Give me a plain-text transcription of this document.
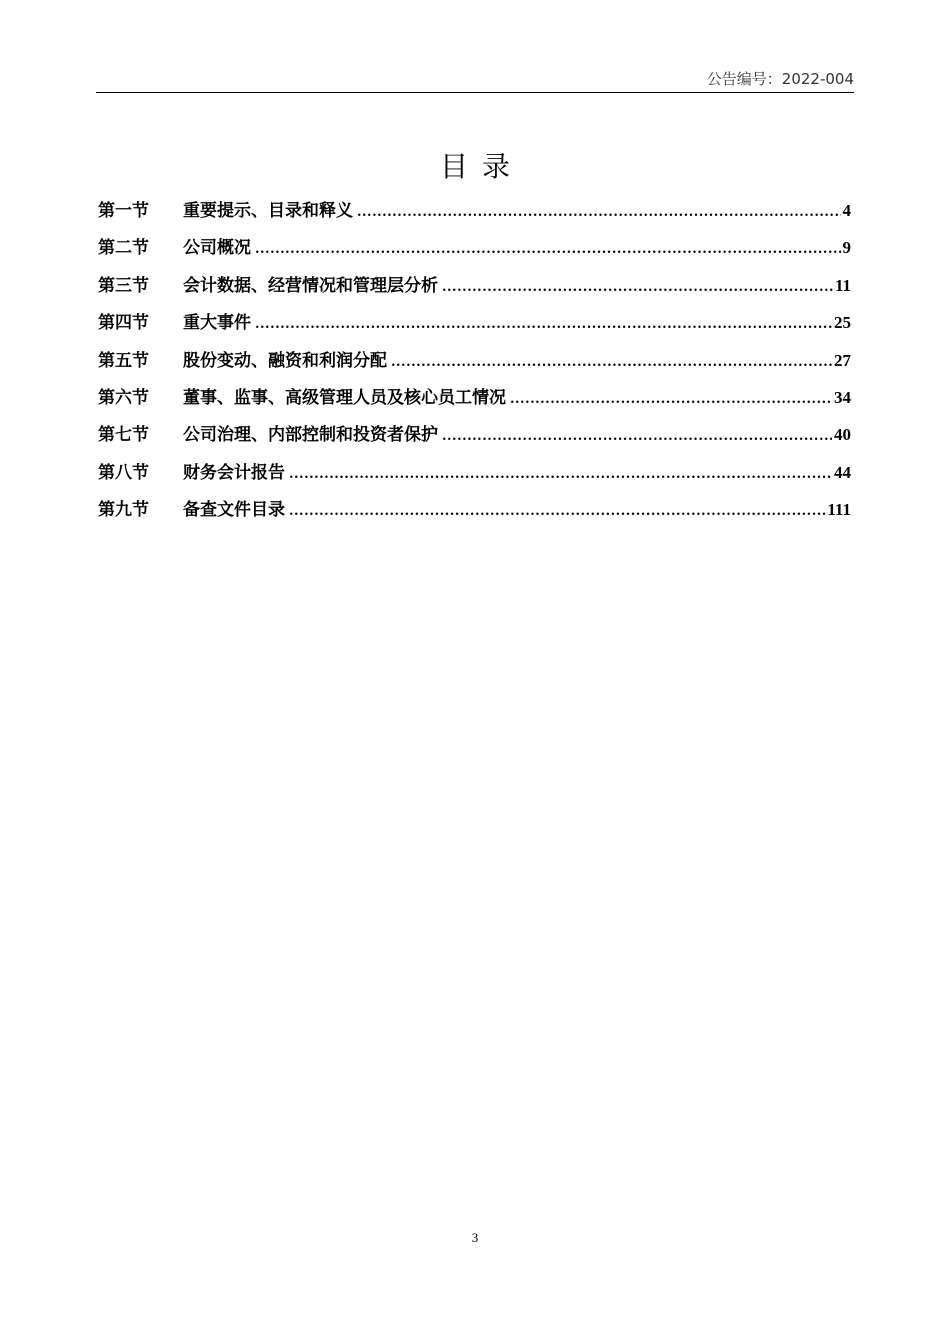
公告编号：2022-004
目录
第一节	重要提示、目录和释义 .....	4
第二节	公司概况 .....	9
第三节	会计数据、经营情况和管理层分析 .....	11
第四节	重大事件 .....	25
第五节	股份变动、融资和利润分配 .....	27
第六节	董事、监事、高级管理人员及核心员工情况 .....	34
第七节	公司治理、内部控制和投资者保护 .....	40
第八节	财务会计报告 .....	44
第九节	备查文件目录 .....	111
3
